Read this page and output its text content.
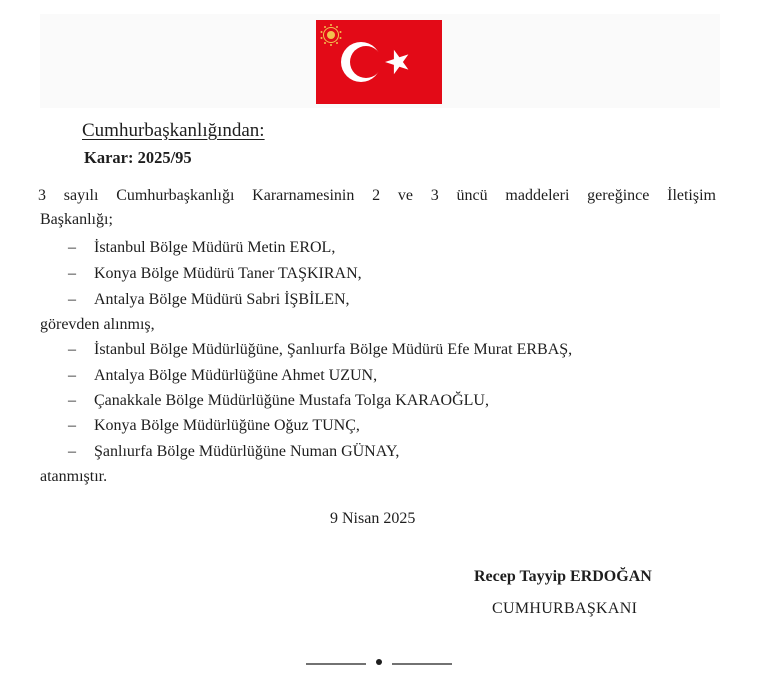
Cumhurbaşkanlığından:
Karar: 2025/95
3 sayılı Cumhurbaşkanlığı Kararnamesinin 2 ve 3 üncü maddeleri gereğince İletişim
Başkanlığı;
– İstanbul Bölge Müdürü Metin EROL,
– Konya Bölge Müdürü Taner TAŞKIRAN,
– Antalya Bölge Müdürü Sabri İŞBİLEN,
görevden alınmış,
– İstanbul Bölge Müdürlüğüne, Şanlıurfa Bölge Müdürü Efe Murat ERBAŞ,
– Antalya Bölge Müdürlüğüne Ahmet UZUN,
– Çanakkale Bölge Müdürlüğüne Mustafa Tolga KARAOĞLU,
– Konya Bölge Müdürlüğüne Oğuz TUNÇ,
– Şanlıurfa Bölge Müdürlüğüne Numan GÜNAY,
atanmıştır.
9 Nisan 2025
Recep Tayyip ERDOĞAN
CUMHURBAŞKANI
